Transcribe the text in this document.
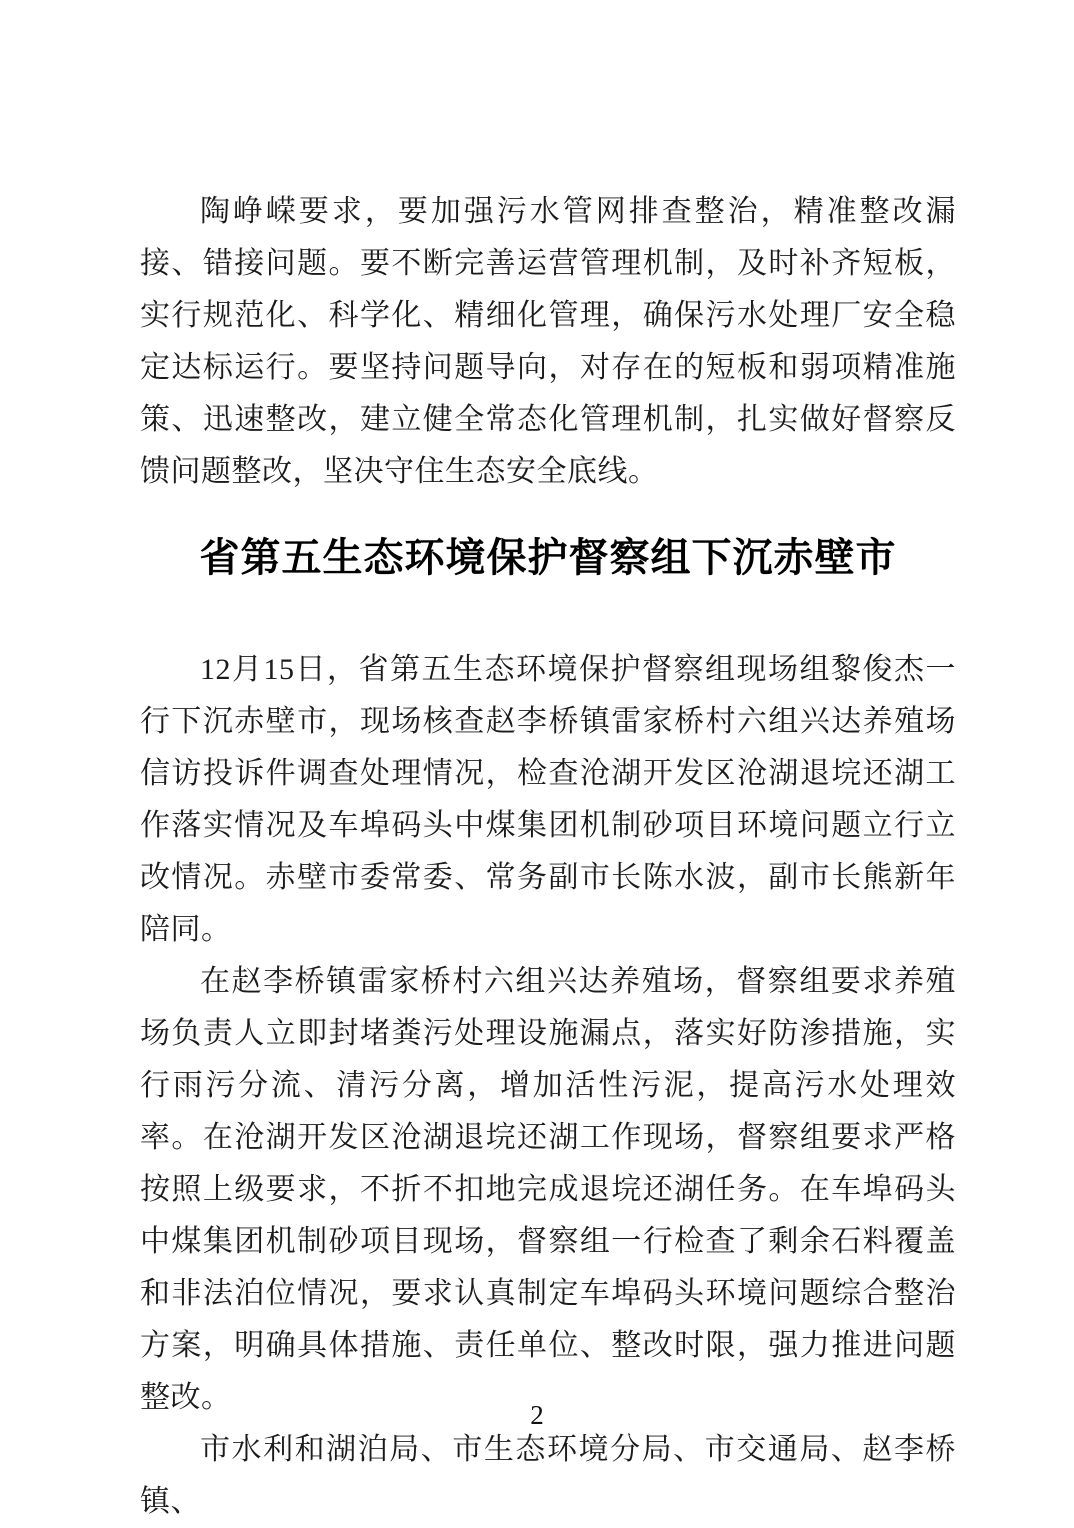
陶峥嵘要求，要加强污水管网排查整治，精准整改漏接、错接问题。要不断完善运营管理机制，及时补齐短板，实行规范化、科学化、精细化管理，确保污水处理厂安全稳定达标运行。要坚持问题导向，对存在的短板和弱项精准施策、迅速整改，建立健全常态化管理机制，扎实做好督察反馈问题整改，坚决守住生态安全底线。

省第五生态环境保护督察组下沉赤壁市

12月15日，省第五生态环境保护督察组现场组黎俊杰一行下沉赤壁市，现场核查赵李桥镇雷家桥村六组兴达养殖场信访投诉件调查处理情况，检查沧湖开发区沧湖退垸还湖工作落实情况及车埠码头中煤集团机制砂项目环境问题立行立改情况。赤壁市委常委、常务副市长陈水波，副市长熊新年陪同。

在赵李桥镇雷家桥村六组兴达养殖场，督察组要求养殖场负责人立即封堵粪污处理设施漏点，落实好防渗措施，实行雨污分流、清污分离，增加活性污泥，提高污水处理效率。在沧湖开发区沧湖退垸还湖工作现场，督察组要求严格按照上级要求，不折不扣地完成退垸还湖任务。在车埠码头中煤集团机制砂项目现场，督察组一行检查了剩余石料覆盖和非法泊位情况，要求认真制定车埠码头环境问题综合整治方案，明确具体措施、责任单位、整改时限，强力推进问题整改。

市水利和湖泊局、市生态环境分局、市交通局、赵李桥镇、

2
